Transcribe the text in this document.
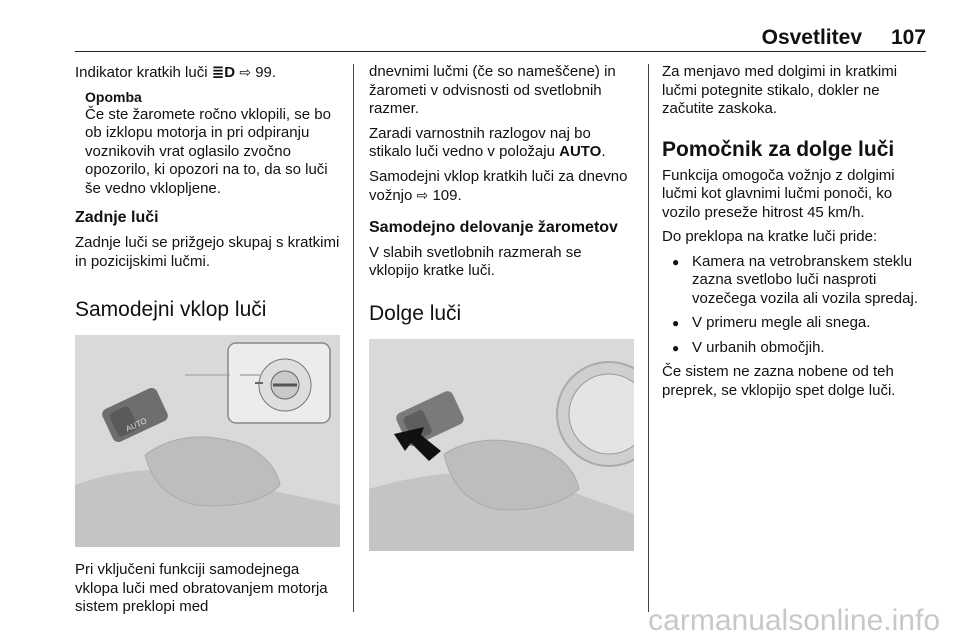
Osvetlitev 107

Indikator kratkih luči ≣D ⇨ 99.

Opomba
Če ste žaromete ročno vklopili, se bo ob izklopu motorja in pri odpiranju voznikovih vrat oglasilo zvočno opozorilo, ki opozori na to, da so luči še vedno vklopljene.
Zadnje luči

Zadnje luči se prižgejo skupaj s kratkimi in pozicijskimi lučmi.

Samodejni vklop luči
AUTO

Pri vključeni funkciji samodejnega vklopa luči med obratovanjem motorja sistem preklopi med

dnevnimi lučmi (če so nameščene) in žarometi v odvisnosti od svetlobnih razmer.

Zaradi varnostnih razlogov naj bo stikalo luči vedno v položaju AUTO.

Samodejni vklop kratkih luči za dnevno vožnjo ⇨ 109.

Samodejno delovanje žarometov

V slabih svetlobnih razmerah se vklopijo kratke luči.

Dolge luči

Za menjavo med dolgimi in kratkimi lučmi potegnite stikalo, dokler ne začutite zaskoka.

Pomočnik za dolge luči

Funkcija omogoča vožnjo z dolgimi lučmi kot glavnimi lučmi ponoči, ko vozilo preseže hitrost 45 km/h.

Do preklopa na kratke luči pride:

● Kamera na vetrobranskem steklu zazna svetlobo luči nasproti vozečega vozila ali vozila spredaj.
● V primeru megle ali snega.
● V urbanih območjih.

Če sistem ne zazna nobene od teh preprek, se vklopijo spet dolge luči.

carmanualsonline.info
